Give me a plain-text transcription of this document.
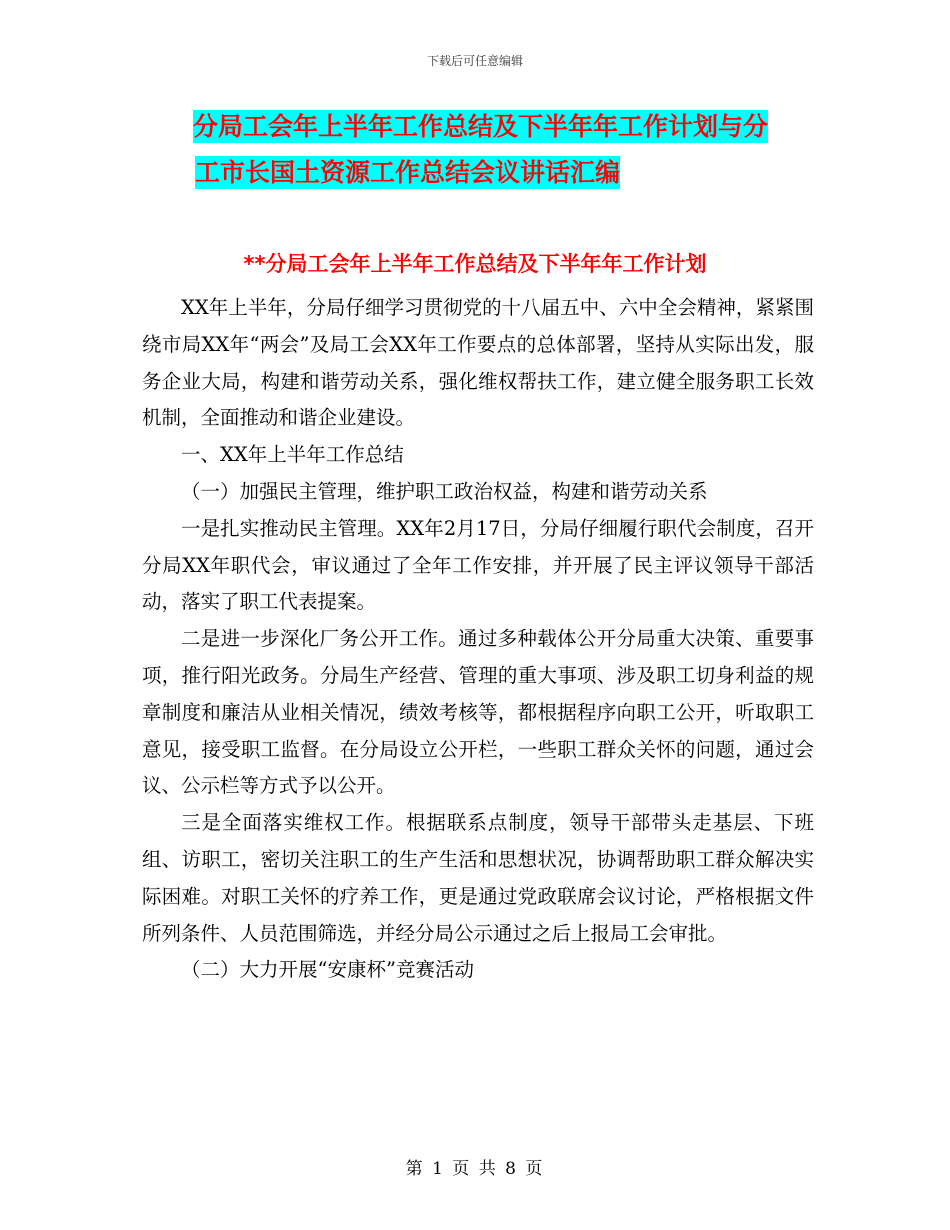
下载后可任意编辑
分局工会年上半年工作总结及下半年年工作计划与分
工市长国土资源工作总结会议讲话汇编
**分局工会年上半年工作总结及下半年年工作计划

XX年上半年，分局仔细学习贯彻党的十八届五中、六中全会精神，紧紧围绕市局XX年“两会”及局工会XX年工作要点的总体部署，坚持从实际出发，服务企业大局，构建和谐劳动关系，强化维权帮扶工作，建立健全服务职工长效机制，全面推动和谐企业建设。

一、XX年上半年工作总结

（一）加强民主管理，维护职工政治权益，构建和谐劳动关系

一是扎实推动民主管理。XX年2月17日，分局仔细履行职代会制度，召开分局XX年职代会，审议通过了全年工作安排，并开展了民主评议领导干部活动，落实了职工代表提案。

二是进一步深化厂务公开工作。通过多种载体公开分局重大决策、重要事项，推行阳光政务。分局生产经营、管理的重大事项、涉及职工切身利益的规章制度和廉洁从业相关情况，绩效考核等，都根据程序向职工公开，听取职工意见，接受职工监督。在分局设立公开栏，一些职工群众关怀的问题，通过会议、公示栏等方式予以公开。

三是全面落实维权工作。根据联系点制度，领导干部带头走基层、下班组、访职工，密切关注职工的生产生活和思想状况，协调帮助职工群众解决实际困难。对职工关怀的疗养工作，更是通过党政联席会议讨论，严格根据文件所列条件、人员范围筛选，并经分局公示通过之后上报局工会审批。

（二）大力开展“安康杯”竞赛活动

第 1 页 共 8 页
